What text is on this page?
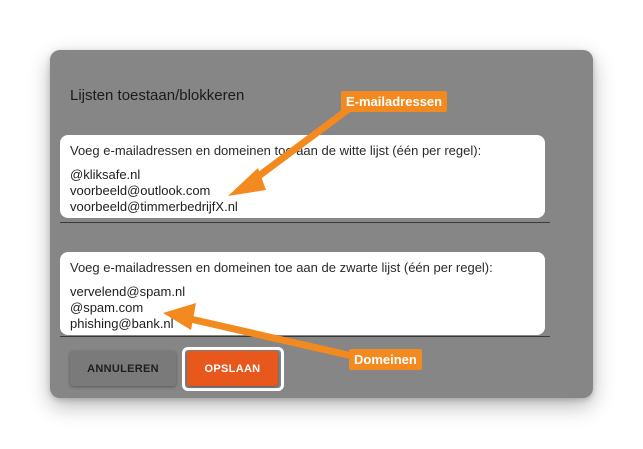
Lijsten toestaan/blokkeren
Voeg e-mailadressen en domeinen toe aan de witte lijst (één per regel):
@kliksafe.nl
voorbeeld@outlook.com
voorbeeld@timmerbedrijfX.nl
Voeg e-mailadressen en domeinen toe aan de zwarte lijst (één per regel):
vervelend@spam.nl
@spam.com
phishing@bank.nl
ANNULEREN	OPSLAAN
E-mailadressen
Domeinen
